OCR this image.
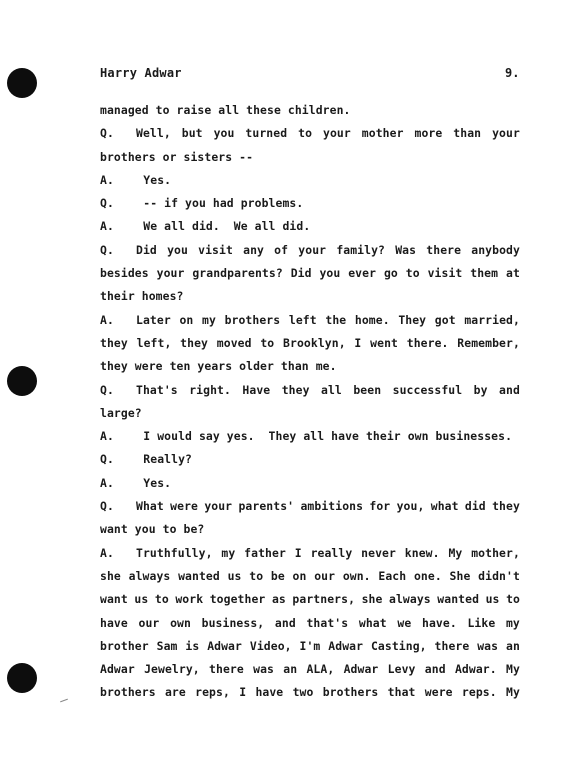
Harry Adwar	9.
managed to raise all these children.
Q.	Well, but you turned to your mother more than your
brothers or sisters --
A.	Yes.
Q.	-- if you had problems.
A.	We all did.  We all did.
Q.	Did you visit any of your family? Was there anybody
besides your grandparents? Did you ever go to visit them at
their homes?
A.	Later on my brothers left the home. They got married,
they left, they moved to Brooklyn, I went there. Remember,
they were ten years older than me.
Q.	That's right. Have they all been successful by and
large?
A.	I would say yes.  They all have their own businesses.
Q.	Really?
A.	Yes.
Q.	What were your parents' ambitions for you, what did they
want you to be?
A.	Truthfully, my father I really never knew. My mother,
she always wanted us to be on our own. Each one. She didn't
want us to work together as partners, she always wanted us to
have our own business, and that's what we have. Like my
brother Sam is Adwar Video, I'm Adwar Casting, there was an
Adwar Jewelry, there was an ALA, Adwar Levy and Adwar. My
brothers are reps, I have two brothers that were reps. My
